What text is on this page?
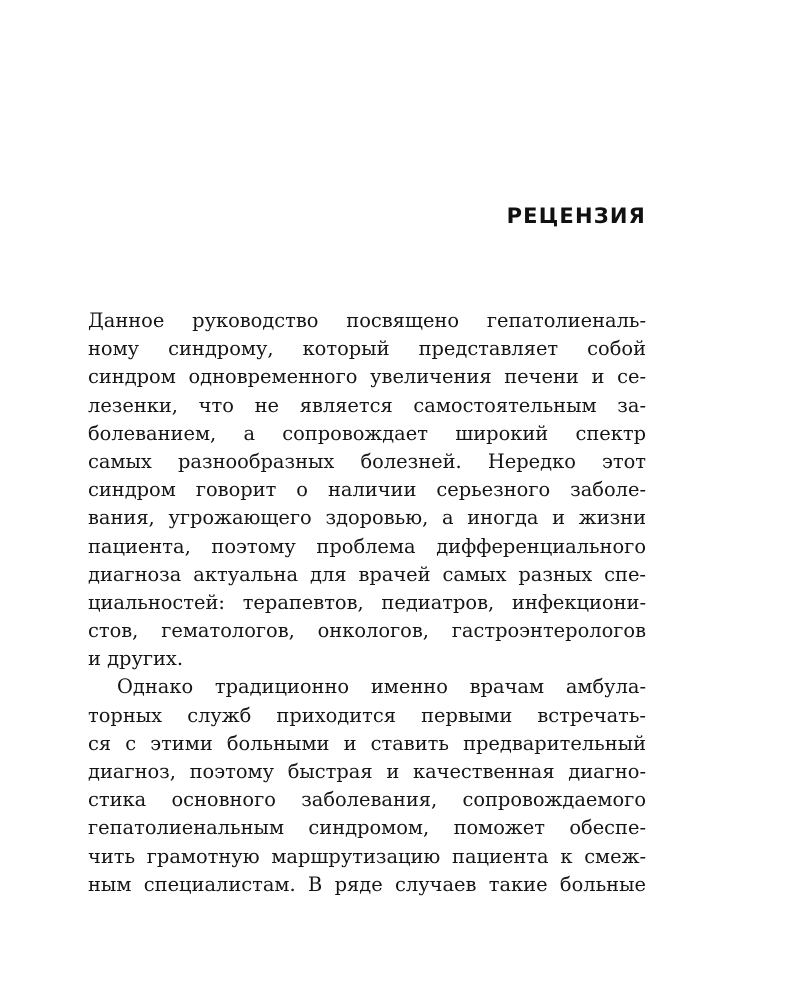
РЕЦЕНЗИЯ
Данное руководство посвящено гепатолиеналь-
ному синдрому, который представляет собой
синдром одновременного увеличения печени и се-
лезенки, что не является самостоятельным за-
болеванием, а сопровождает широкий спектр
самых разнообразных болезней. Нередко этот
синдром говорит о наличии серьезного заболе-
вания, угрожающего здоровью, а иногда и жизни
пациента, поэтому проблема дифференциального
диагноза актуальна для врачей самых разных спе-
циальностей: терапевтов, педиатров, инфекциони-
стов, гематологов, онкологов, гастроэнтерологов
и других.
Однако традиционно именно врачам амбула-
торных служб приходится первыми встречать-
ся с этими больными и ставить предварительный
диагноз, поэтому быстрая и качественная диагно-
стика основного заболевания, сопровождаемого
гепатолиенальным синдромом, поможет обеспе-
чить грамотную маршрутизацию пациента к смеж-
ным специалистам. В ряде случаев такие больные
